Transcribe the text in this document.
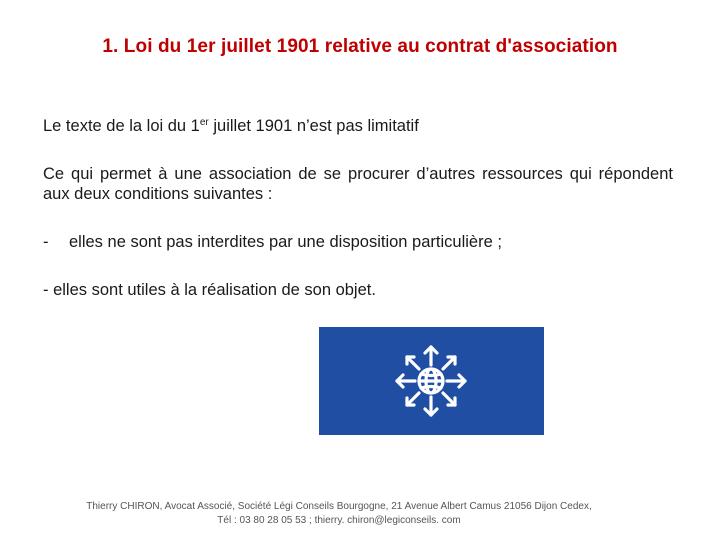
1. Loi du 1er juillet 1901 relative au contrat d'association
Le texte de la loi du 1er juillet 1901 n’est pas limitatif
Ce qui permet à une association de se procurer d’autres ressources qui répondent aux deux conditions suivantes :
- elles ne sont pas interdites par une disposition particulière ;
- elles sont utiles à la réalisation de son objet.
Thierry CHIRON, Avocat Associé, Société Légi Conseils Bourgogne, 21 Avenue Albert Camus 21056 Dijon Cedex,
Tél : 03 80 28 05 53 ; thierry. chiron@legiconseils. com
